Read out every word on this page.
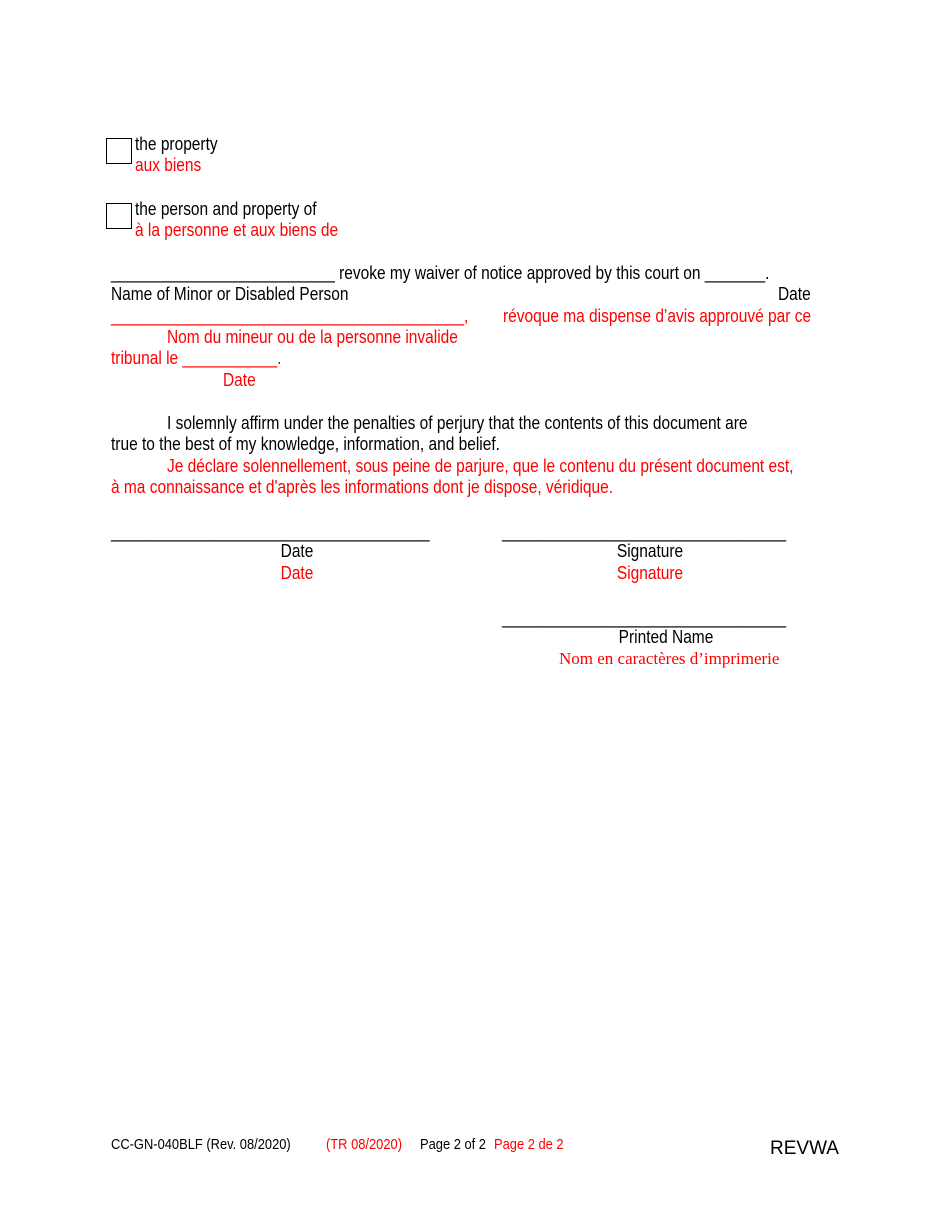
the property
aux biens
the person and property of
à la personne et aux biens de
__________________________ revoke my waiver of notice approved by this court on _______.
Name of Minor or Disabled Person	Date
_________________________________________, révoque ma dispense d’avis approuvé par ce
Nom du mineur ou de la personne invalide
tribunal le ___________.
Date
I solemnly affirm under the penalties of perjury that the contents of this document are
true to the best of my knowledge, information, and belief.
Je déclare solennellement, sous peine de parjure, que le contenu du présent document est,
à ma connaissance et d'après les informations dont je dispose, véridique.
_____________________________________
Date
Date
_________________________________
Signature
Signature
_________________________________
Printed Name
Nom en caractères d’imprimerie
CC-GN-040BLF (Rev. 08/2020) (TR 08/2020) Page 2 of 2 Page 2 de 2	REVWA
